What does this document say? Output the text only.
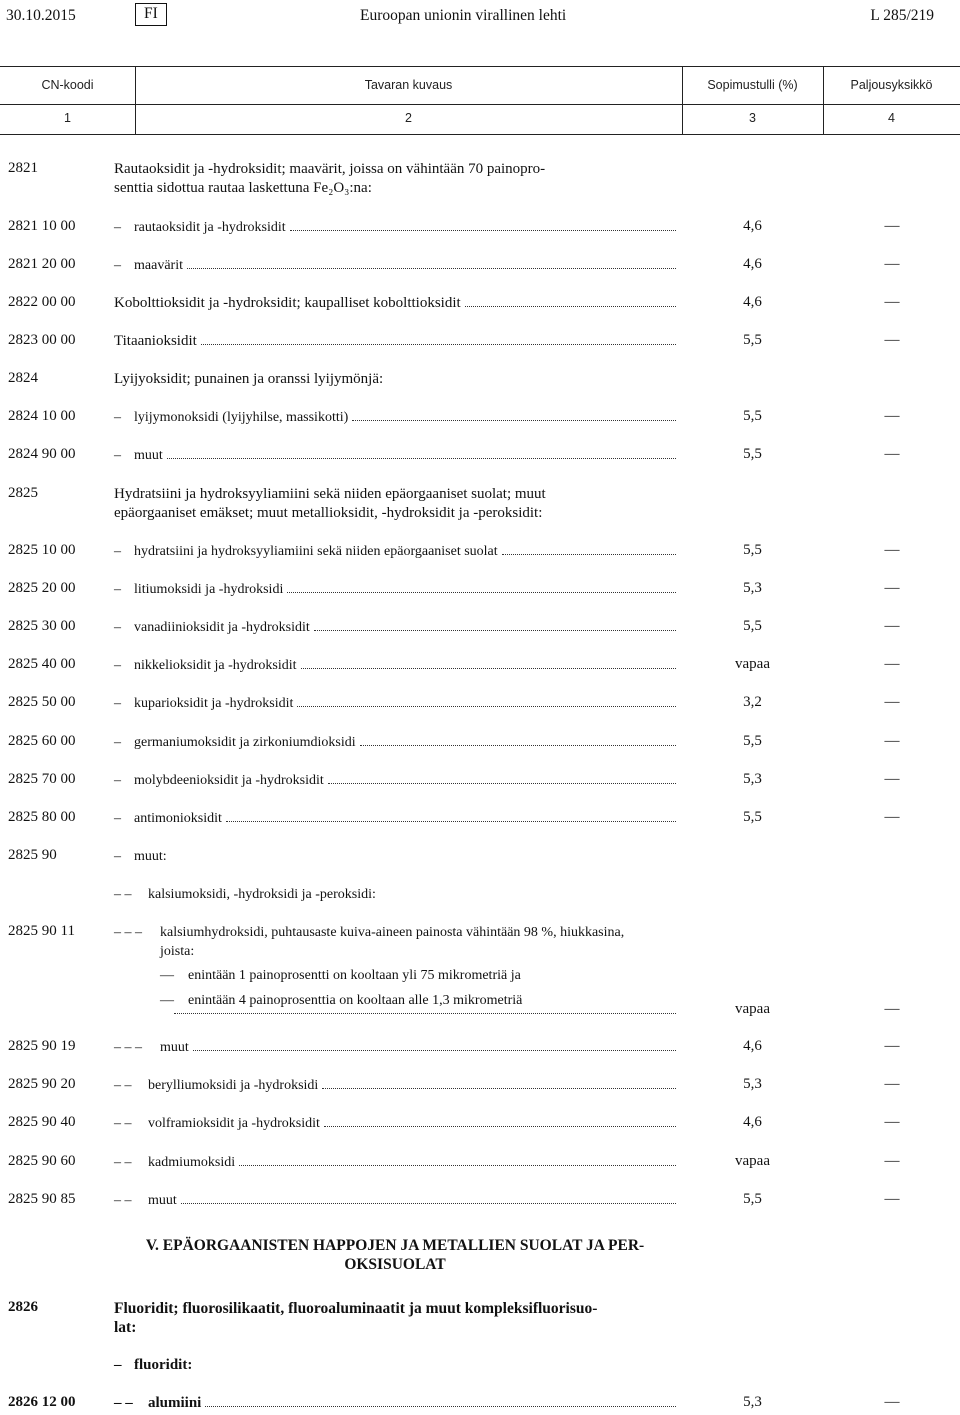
30.10.2015	FI	Euroopan unionin virallinen lehti	L 285/219
CN-koodi	Tavaran kuvaus	Sopimustulli (%)	Paljousyksikkö
1	2	3	4
2821	Rautaoksidit ja -hydroksidit; maavärit, joissa on vähintään 70 painopro-
senttia sidottua rautaa laskettuna Fe₂O₃:na:
2821 10 00	– rautaoksidit ja -hydroksidit	4,6	—
2821 20 00	– maavärit	4,6	—
2822 00 00	Kobolttioksidit ja -hydroksidit; kaupalliset kobolttioksidit	4,6	—
2823 00 00	Titaanioksidit	5,5	—
2824	Lyijyoksidit; punainen ja oranssi lyijymönjä:
2824 10 00	– lyijymonoksidi (lyijyhilse, massikotti)	5,5	—
2824 90 00	– muut	5,5	—
2825	Hydratsiini ja hydroksyyliamiini sekä niiden epäorgaaniset suolat; muut
epäorgaaniset emäkset; muut metallioksidit, -hydroksidit ja -peroksidit:
2825 10 00	– hydratsiini ja hydroksyyliamiini sekä niiden epäorgaaniset suolat	5,5	—
2825 20 00	– litiumoksidi ja -hydroksidi	5,3	—
2825 30 00	– vanadiinioksidit ja -hydroksidit	5,5	—
2825 40 00	– nikkelioksidit ja -hydroksidit	vapaa	—
2825 50 00	– kuparioksidit ja -hydroksidit	3,2	—
2825 60 00	– germaniumoksidit ja zirkoniumdioksidi	5,5	—
2825 70 00	– molybdeenioksidit ja -hydroksidit	5,3	—
2825 80 00	– antimonioksidit	5,5	—
2825 90	– muut:
– – kalsiumoksidi, -hydroksidi ja -peroksidi:
2825 90 11	– – – kalsiumhydroksidi, puhtausaste kuiva-aineen painosta vähintään 98 %, hiukkasina,
joista:
— enintään 1 painoprosentti on kooltaan yli 75 mikrometriä ja
— enintään 4 painoprosenttia on kooltaan alle 1,3 mikrometriä
vapaa	—
2825 90 19	– – –	muut	4,6	—
2825 90 20	– –	berylliumoksidi ja -hydroksidi	5,3	—
2825 90 40	– –	volframioksidit ja -hydroksidit	4,6	—
2825 90 60	– –	kadmiumoksidi	vapaa	—
2825 90 85	– –	muut	5,5	—
V. EPÄORGAANISTEN HAPPOJEN JA METALLIEN SUOLAT JA PER-
OKSISUOLAT
2826	Fluoridit; fluorosilikaatit, fluoroaluminaatit ja muut kompleksifluorisuo-
lat:
– fluoridit:
2826 12 00	– –	alumiini	5,3	—
